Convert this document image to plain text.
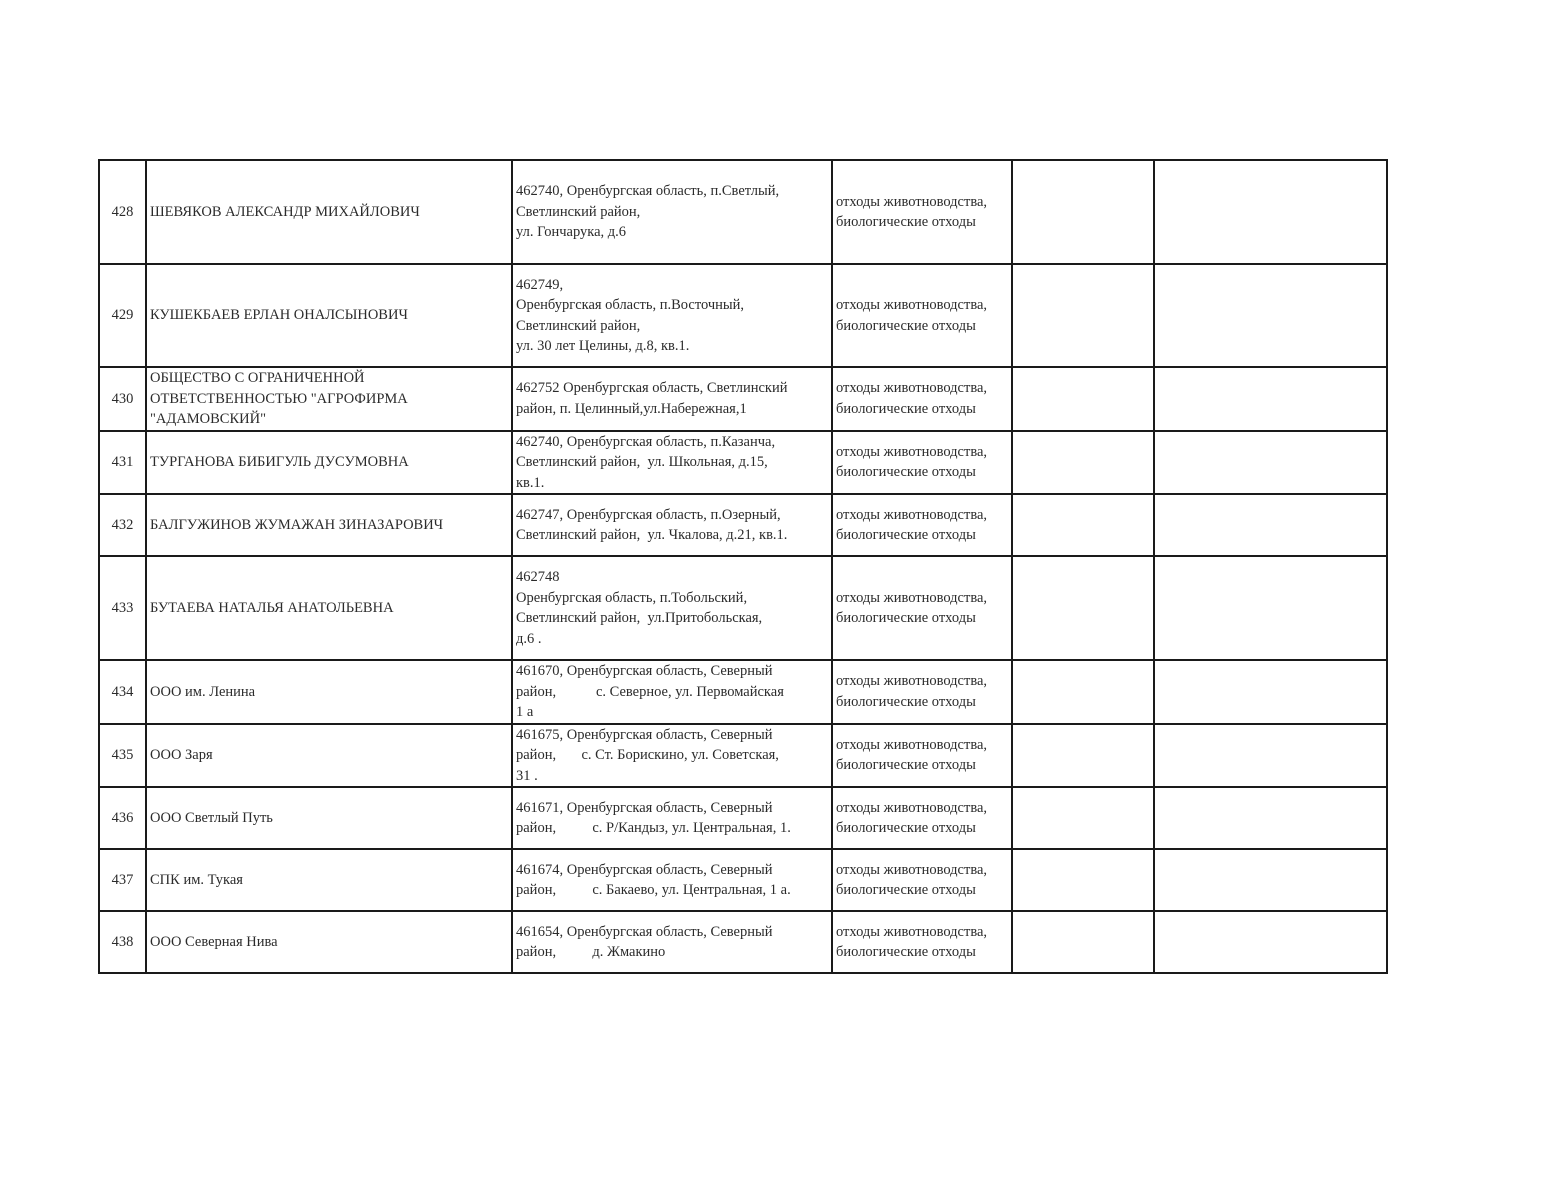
428	ШЕВЯКОВ АЛЕКСАНДР МИХАЙЛОВИЧ	462740, Оренбургская область, п.Светлый,
Светлинский район,
ул. Гончарука, д.6	отходы животноводства,
биологические отходы		

429	КУШЕКБАЕВ ЕРЛАН ОНАЛСЫНОВИЧ	462749,
Оренбургская область, п.Восточный,
Светлинский район,
ул. 30 лет Целины, д.8, кв.1.	отходы животноводства,
биологические отходы		

430	ОБЩЕСТВО С ОГРАНИЧЕННОЙ ОТВЕТСТВЕННОСТЬЮ "АГРОФИРМА "АДАМОВСКИЙ"	462752 Оренбургская область, Светлинский
район, п. Целинный,ул.Набережная,1	отходы животноводства,
биологические отходы		

431	ТУРГАНОВА БИБИГУЛЬ ДУСУМОВНА	462740, Оренбургская область, п.Казанча,
Светлинский район,  ул. Школьная, д.15,
кв.1.	отходы животноводства,
биологические отходы		

432	БАЛГУЖИНОВ ЖУМАЖАН ЗИНАЗАРОВИЧ	462747, Оренбургская область, п.Озерный,
Светлинский район,  ул. Чкалова, д.21, кв.1.	отходы животноводства,
биологические отходы		

433	БУТАЕВА НАТАЛЬЯ АНАТОЛЬЕВНА	462748
Оренбургская область, п.Тобольский,
Светлинский район,  ул.Притобольская,
д.6 .	отходы животноводства,
биологические отходы		

434	ООО им. Ленина	461670, Оренбургская область, Северный
район,           с. Северное, ул. Первомайская
1 а	отходы животноводства,
биологические отходы		

435	ООО Заря	461675, Оренбургская область, Северный
район,       с. Ст. Борискино, ул. Советская,
31 .	отходы животноводства,
биологические отходы		

436	ООО Светлый Путь	461671, Оренбургская область, Северный
район,          с. Р/Кандыз, ул. Центральная, 1.	отходы животноводства,
биологические отходы		

437	СПК им. Тукая	461674, Оренбургская область, Северный
район,          с. Бакаево, ул. Центральная, 1 а.	отходы животноводства,
биологические отходы		

438	ООО Северная Нива	461654, Оренбургская область, Северный
район,          д. Жмакино	отходы животноводства,
биологические отходы		
